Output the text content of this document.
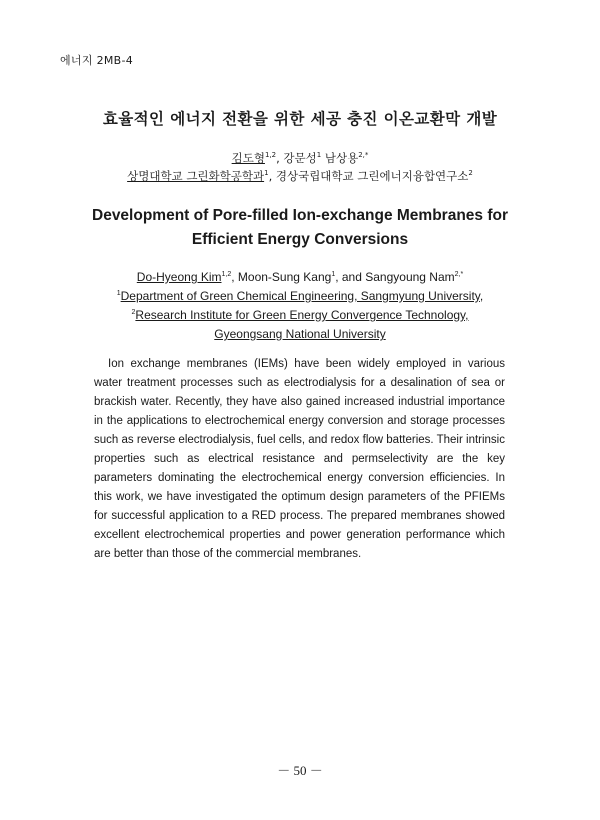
에너지 2MB-4
효율적인 에너지 전환을 위한 세공 충진 이온교환막 개발
김도형$^{1,2}$, 강문성$^1$ 남상용$^{2,*}$
상명대학교 그린화학공학과$^1$, 경상국립대학교 그린에너지융합연구소$^2$
Development of Pore-filled Ion-exchange Membranes for
Efficient Energy Conversions
Do-Hyeong Kim$^{1,2}$, Moon-Sung Kang$^1$, and Sangyoung Nam$^{2,*}$
$^1$Department of Green Chemical Engineering, Sangmyung University,
$^2$Research Institute for Green Energy Convergence Technology,
Gyeongsang National University

Ion exchange membranes (IEMs) have been widely employed in various water treatment processes such as electrodialysis for a desalination of sea or brackish water. Recently, they have also gained increased industrial importance in the applications to electrochemical energy conversion and storage processes such as reverse electrodialysis, fuel cells, and redox flow batteries. Their intrinsic properties such as electrical resistance and permselectivity are the key parameters dominating the electrochemical energy conversion efficiencies. In this work, we have investigated the optimum design parameters of the PFIEMs for successful application to a RED process. The prepared membranes showed excellent electrochemical properties and power generation performance which are better than those of the commercial membranes.

－ 50 －
